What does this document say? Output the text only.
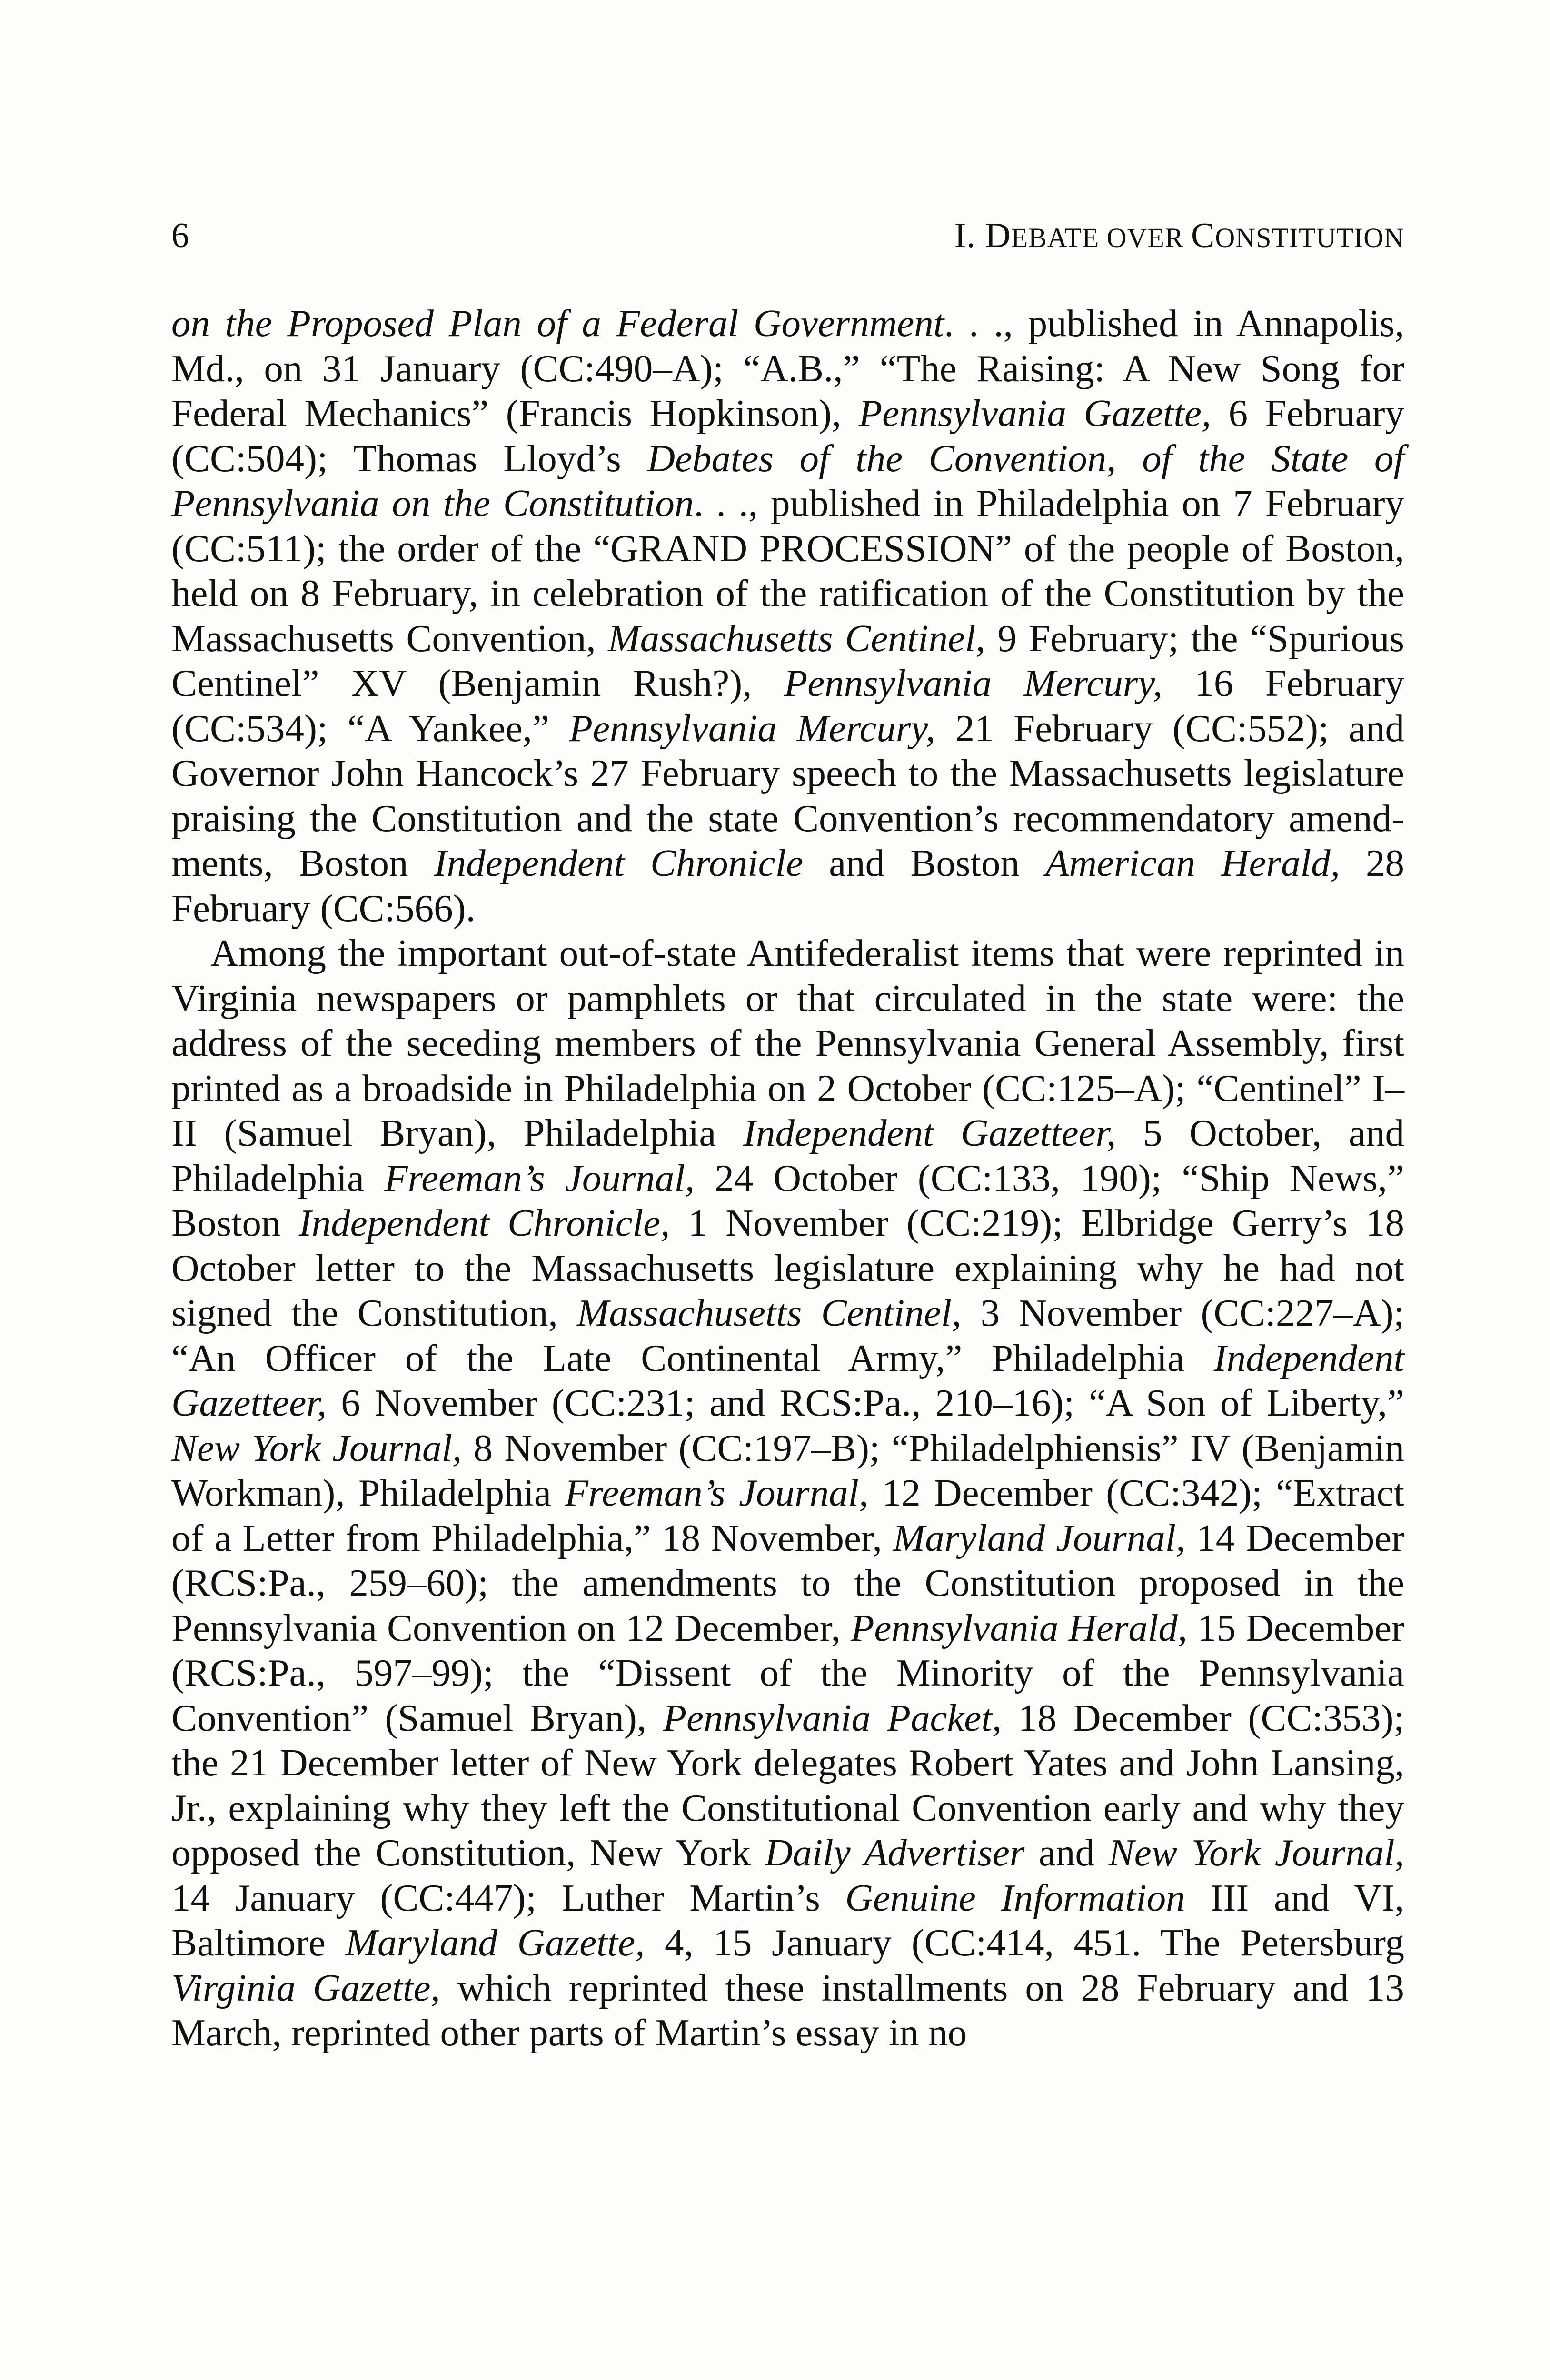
6	I. DEBATE OVER CONSTITUTION

on the Proposed Plan of a Federal Government. . ., published in Annapolis, Md., on 31 January (CC:490–A); “A.B.,” “The Raising: A New Song for Federal Mechanics” (Francis Hopkinson), Pennsylvania Gazette, 6 February (CC:504); Thomas Lloyd’s Debates of the Convention, of the State of Pennsylvania on the Constitution. . ., published in Philadelphia on 7 February (CC:511); the order of the “GRAND PROCESSION” of the people of Boston, held on 8 February, in celebration of the ratification of the Constitution by the Massachusetts Convention, Massachusetts Centinel, 9 February; the “Spurious Centinel” XV (Benjamin Rush?), Pennsylvania Mercury, 16 February (CC:534); “A Yankee,” Pennsylvania Mercury, 21 February (CC:552); and Governor John Hancock’s 27 February speech to the Massachusetts legislature praising the Constitution and the state Convention’s recommendatory amendments, Boston Independent Chronicle and Boston American Herald, 28 February (CC:566).

Among the important out-of-state Antifederalist items that were reprinted in Virginia newspapers or pamphlets or that circulated in the state were: the address of the seceding members of the Pennsylvania General Assembly, first printed as a broadside in Philadelphia on 2 October (CC:125–A); “Centinel” I–II (Samuel Bryan), Philadelphia Independent Gazetteer, 5 October, and Philadelphia Freeman’s Journal, 24 October (CC:133, 190); “Ship News,” Boston Independent Chronicle, 1 November (CC:219); Elbridge Gerry’s 18 October letter to the Massachusetts legislature explaining why he had not signed the Constitution, Massachusetts Centinel, 3 November (CC:227–A); “An Officer of the Late Continental Army,” Philadelphia Independent Gazetteer, 6 November (CC:231; and RCS:Pa., 210–16); “A Son of Liberty,” New York Journal, 8 November (CC:197–B); “Philadelphiensis” IV (Benjamin Workman), Philadelphia Freeman’s Journal, 12 December (CC:342); “Extract of a Letter from Philadelphia,” 18 November, Maryland Journal, 14 December (RCS:Pa., 259–60); the amendments to the Constitution proposed in the Pennsylvania Convention on 12 December, Pennsylvania Herald, 15 December (RCS:Pa., 597–99); the “Dissent of the Minority of the Pennsylvania Convention” (Samuel Bryan), Pennsylvania Packet, 18 December (CC:353); the 21 December letter of New York delegates Robert Yates and John Lansing, Jr., explaining why they left the Constitutional Convention early and why they opposed the Constitution, New York Daily Advertiser and New York Journal, 14 January (CC:447); Luther Martin’s Genuine Information III and VI, Baltimore Maryland Gazette, 4, 15 January (CC:414, 451. The Petersburg Virginia Gazette, which reprinted these installments on 28 February and 13 March, reprinted other parts of Martin’s essay in no
